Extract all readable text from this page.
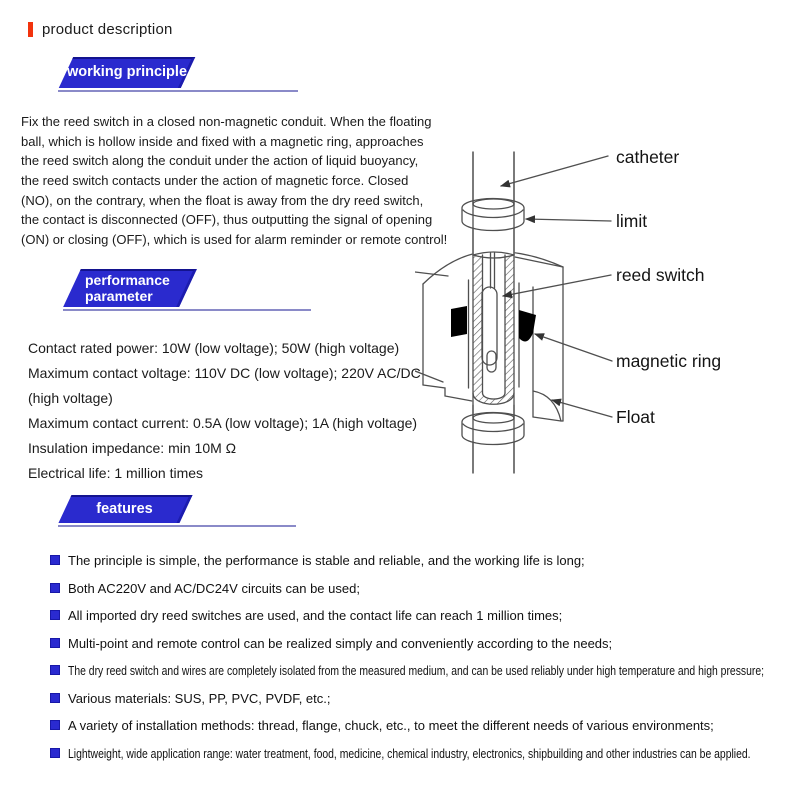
product description
working principle
Fix the reed switch in a closed non-magnetic conduit. When the floating
ball, which is hollow inside and fixed with a magnetic ring, approaches
the reed switch along the conduit under the action of liquid buoyancy,
the reed switch contacts under the action of magnetic force. Closed
(NO), on the contrary, when the float is away from the dry reed switch,
the contact is disconnected (OFF), thus outputting the signal of opening
(ON) or closing (OFF), which is used for alarm reminder or remote control!
performance
parameter
Contact rated power: 10W (low voltage); 50W (high voltage)
Maximum contact voltage: 110V DC (low voltage); 220V AC/DC
(high voltage)
Maximum contact current: 0.5A (low voltage); 1A (high voltage)
Insulation impedance: min 10M Ω
Electrical life: 1 million times
features
The principle is simple, the performance is stable and reliable, and the working life is long;
Both AC220V and AC/DC24V circuits can be used;
All imported dry reed switches are used, and the contact life can reach 1 million times;
Multi-point and remote control can be realized simply and conveniently according to the needs;
The dry reed switch and wires are completely isolated from the measured medium, and can be used reliably under high temperature and high pressure;
Various materials: SUS, PP, PVC, PVDF, etc.;
A variety of installation methods: thread, flange, chuck, etc., to meet the different needs of various environments;
Lightweight, wide application range: water treatment, food, medicine, chemical industry, electronics, shipbuilding and other industries can be applied.
catheter
limit
reed switch
magnetic ring
Float
